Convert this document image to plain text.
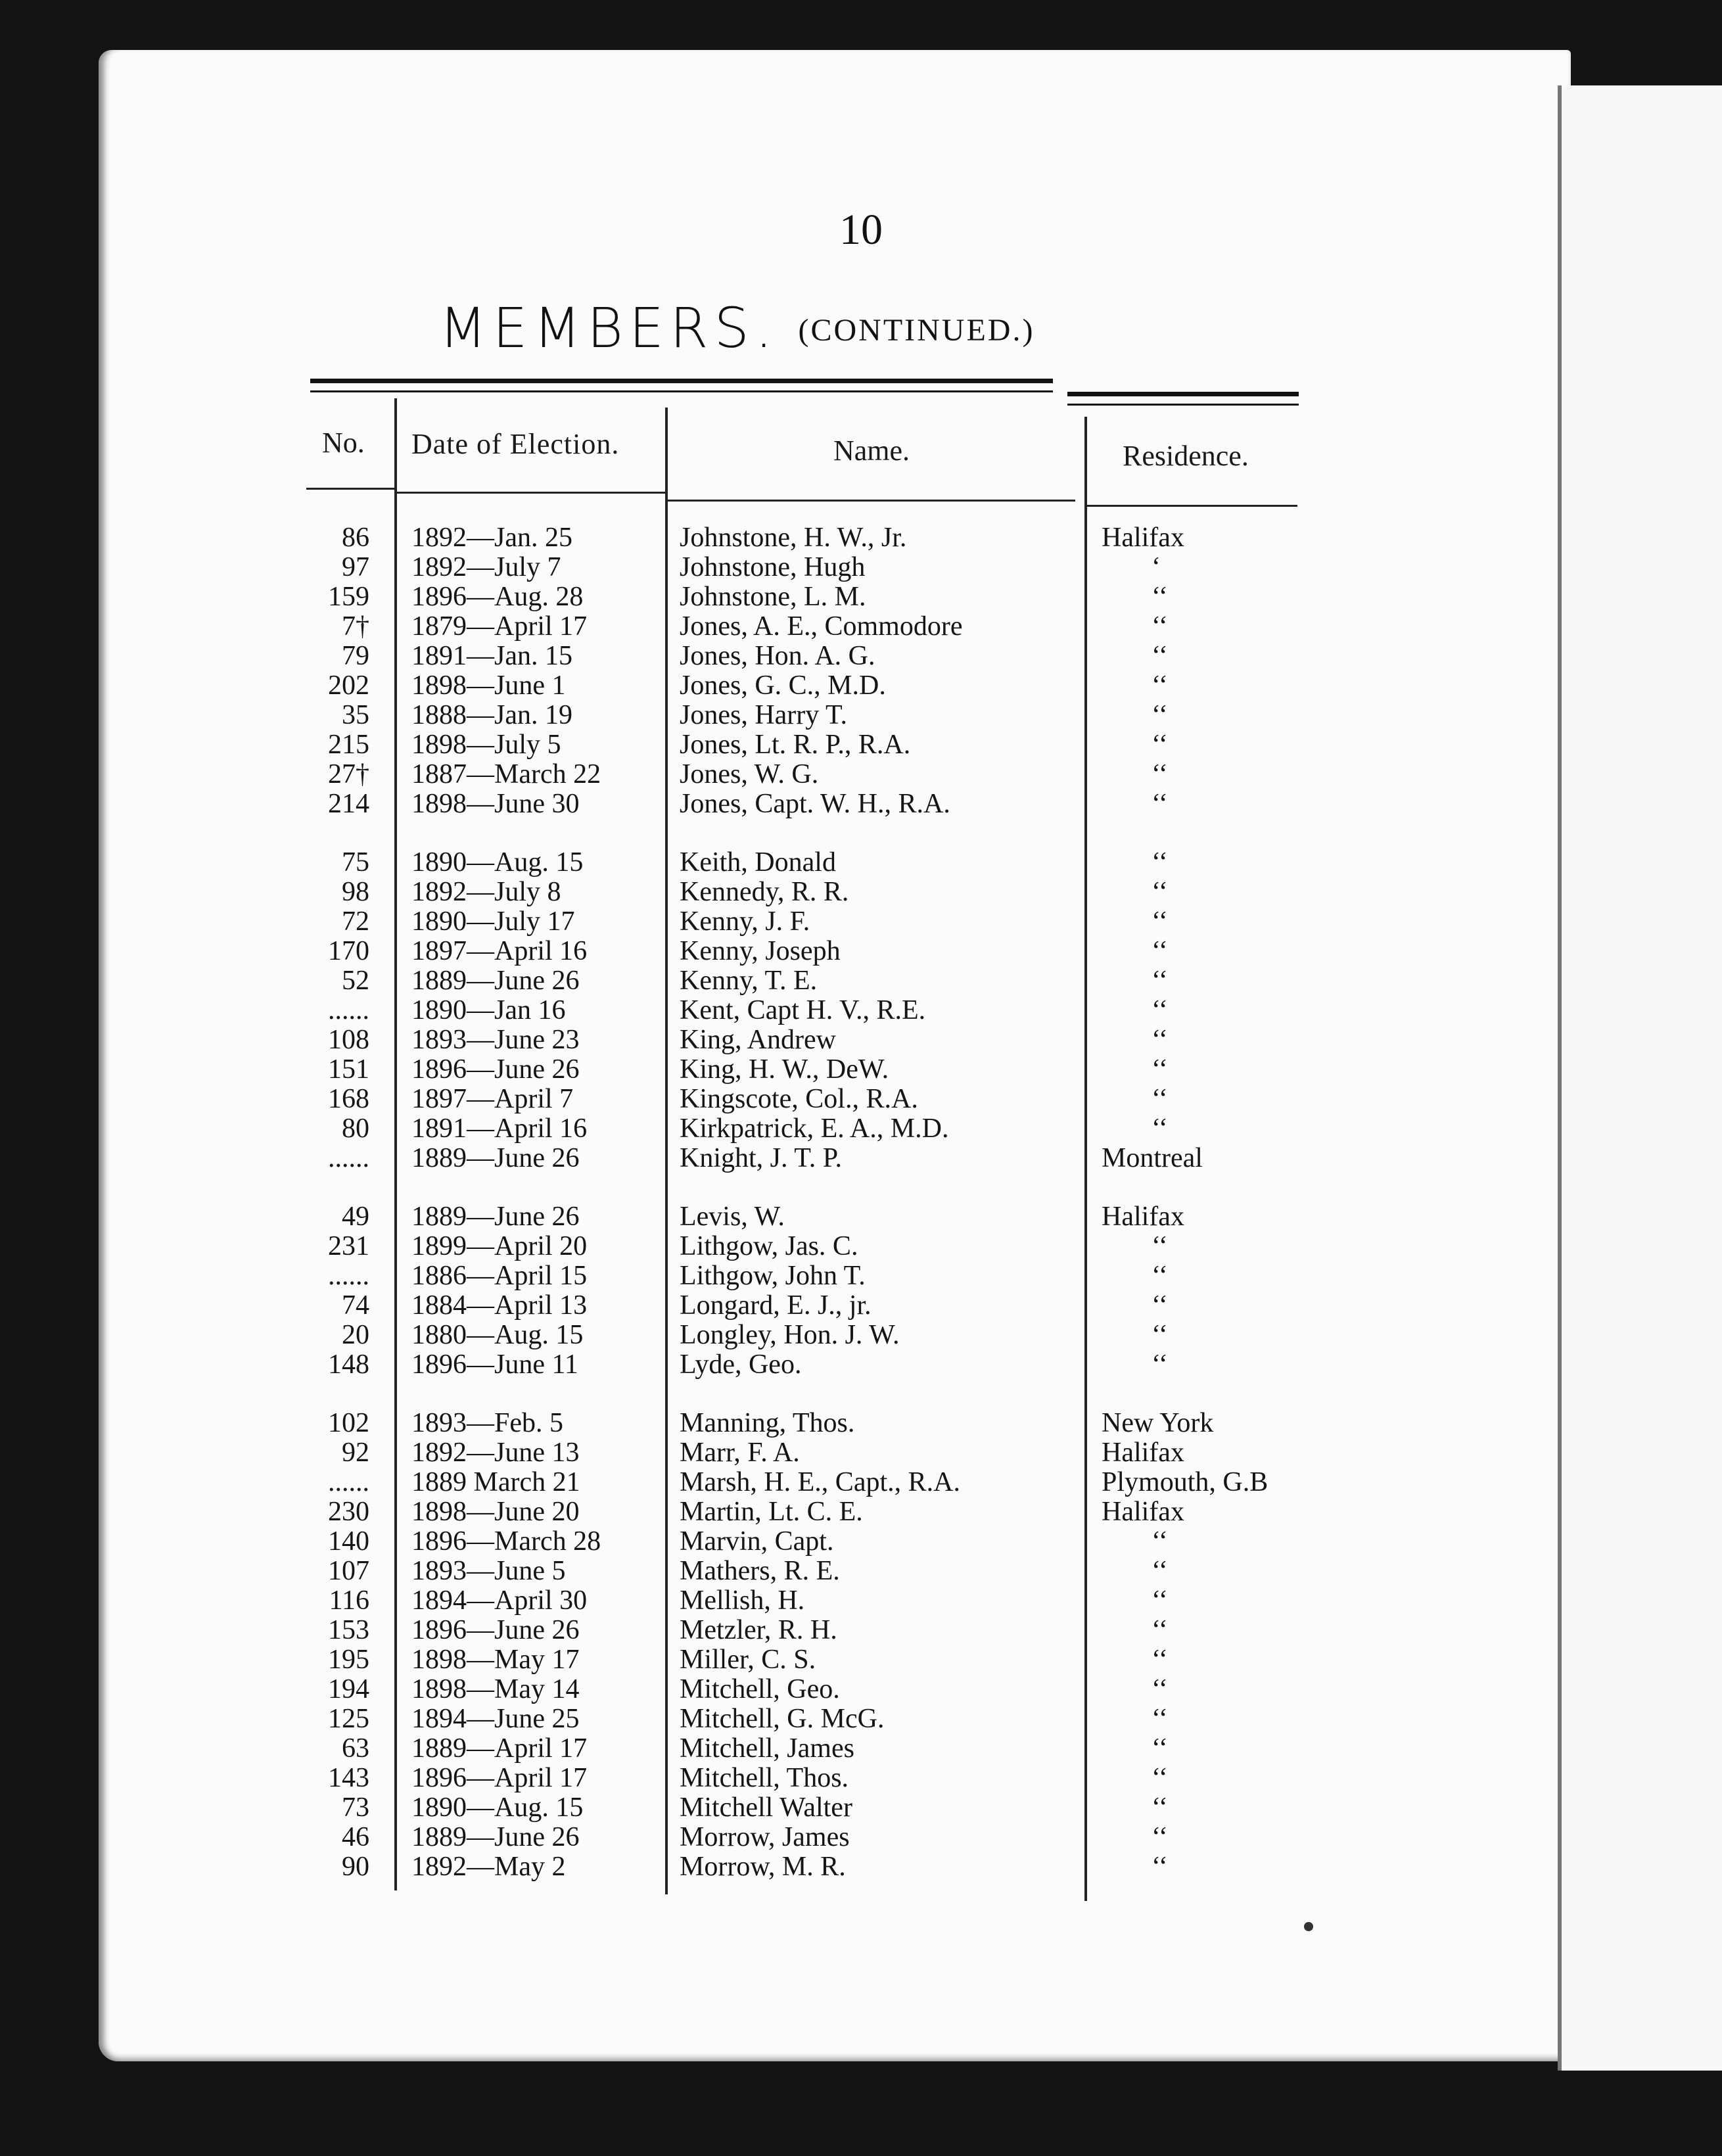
10
MEMBERS. (CONTINUED.)
No. Date of Election.	Name.	Residence.
86 1892—Jan. 25	Johnstone, H. W., Jr.	Halifax
97 1892—July 7	Johnstone, Hugh	‘
159 1896—Aug. 28	Johnstone, L. M.	‘‘
7† 1879—April 17	Jones, A. E., Commodore	‘‘
79 1891—Jan. 15	Jones, Hon. A. G.	‘‘
202 1898—June 1	Jones, G. C., M.D.	‘‘
35 1888—Jan. 19	Jones, Harry T.	‘‘
215 1898—July 5	Jones, Lt. R. P., R.A.	‘‘
27† 1887—March 22	Jones, W. G.	‘‘
214 1898—June 30	Jones, Capt. W. H., R.A.	‘‘
75 1890—Aug. 15	Keith, Donald	‘‘
98 1892—July 8	Kennedy, R. R.	‘‘
72 1890—July 17	Kenny, J. F.	‘‘
170 1897—April 16	Kenny, Joseph	‘‘
52 1889—June 26	Kenny, T. E.	‘‘
...... 1890—Jan 16	Kent, Capt H. V., R.E.	‘‘
108 1893—June 23	King, Andrew	‘‘
151 1896—June 26	King, H. W., DeW.	‘‘
168 1897—April 7	Kingscote, Col., R.A.	‘‘
80 1891—April 16	Kirkpatrick, E. A., M.D.	‘‘
...... 1889—June 26	Knight, J. T. P.	Montreal
49 1889—June 26	Levis, W.	Halifax
231 1899—April 20	Lithgow, Jas. C.	‘‘
...... 1886—April 15	Lithgow, John T.	‘‘
74 1884—April 13	Longard, E. J., jr.	‘‘
20 1880—Aug. 15	Longley, Hon. J. W.	‘‘
148 1896—June 11	Lyde, Geo.	‘‘
102 1893—Feb. 5	Manning, Thos.	New York
92 1892—June 13	Marr, F. A.	Halifax
...... 1889 March 21	Marsh, H. E., Capt., R.A.	Plymouth, G.B
230 1898—June 20	Martin, Lt. C. E.	Halifax
140 1896—March 28	Marvin, Capt.	‘‘
107 1893—June 5	Mathers, R. E.	‘‘
116 1894—April 30	Mellish, H.	‘‘
153 1896—June 26	Metzler, R. H.	‘‘
195 1898—May 17	Miller, C. S.	‘‘
194 1898—May 14	Mitchell, Geo.	‘‘
125 1894—June 25	Mitchell, G. McG.	‘‘
63 1889—April 17	Mitchell, James	‘‘
143 1896—April 17	Mitchell, Thos.	‘‘
73 1890—Aug. 15	Mitchell Walter	‘‘
46 1889—June 26	Morrow, James	‘‘
90 1892—May 2	Morrow, M. R.	‘‘
